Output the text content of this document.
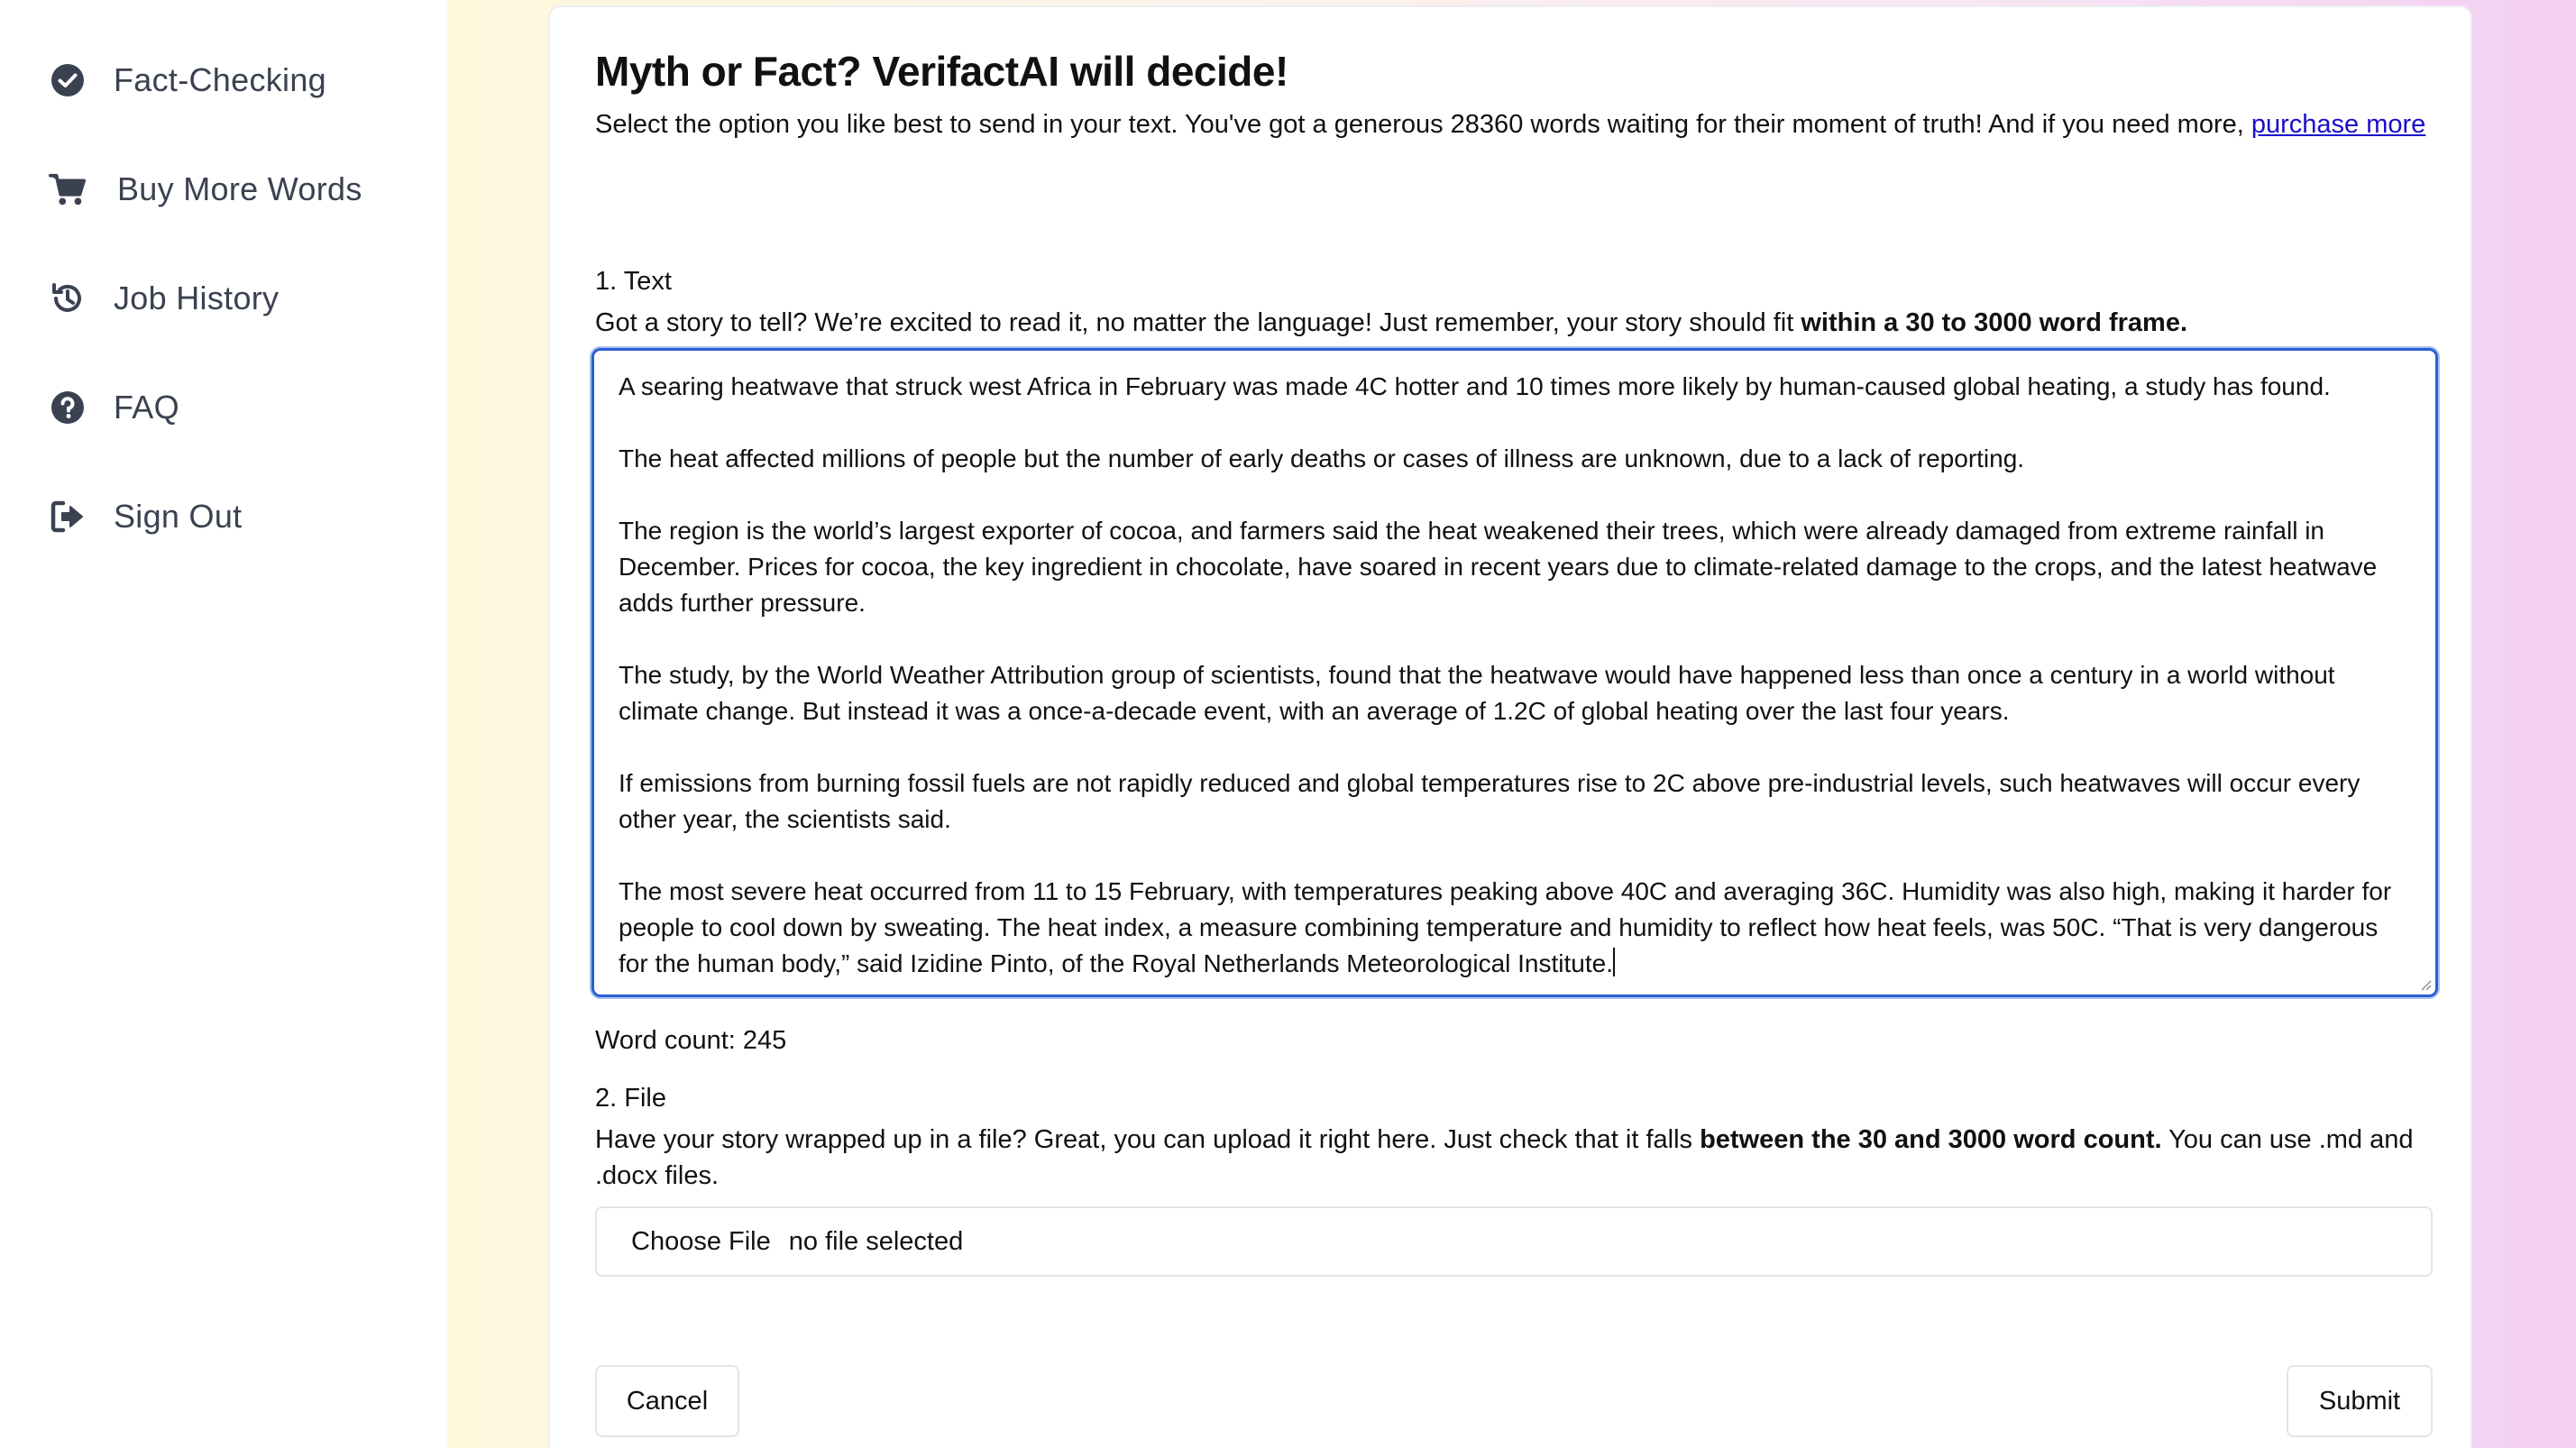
Fact-Checking
Buy More Words
Job History
FAQ
Sign Out
Myth or Fact? VerifactAI will decide!
Select the option you like best to send in your text. You've got a generous 28360 words waiting for their moment of truth! And if you need more, purchase more
1. Text
Got a story to tell? We’re excited to read it, no matter the language! Just remember, your story should fit within a 30 to 3000 word frame.

A searing heatwave that struck west Africa in February was made 4C hotter and 10 times more likely by human-caused global heating, a study has found.

The heat affected millions of people but the number of early deaths or cases of illness are unknown, due to a lack of reporting.

The region is the world’s largest exporter of cocoa, and farmers said the heat weakened their trees, which were already damaged from extreme rainfall in December. Prices for cocoa, the key ingredient in chocolate, have soared in recent years due to climate-related damage to the crops, and the latest heatwave adds further pressure.

The study, by the World Weather Attribution group of scientists, found that the heatwave would have happened less than once a century in a world without climate change. But instead it was a once-a-decade event, with an average of 1.2C of global heating over the last four years.

If emissions from burning fossil fuels are not rapidly reduced and global temperatures rise to 2C above pre-industrial levels, such heatwaves will occur every other year, the scientists said.

The most severe heat occurred from 11 to 15 February, with temperatures peaking above 40C and averaging 36C. Humidity was also high, making it harder for people to cool down by sweating. The heat index, a measure combining temperature and humidity to reflect how heat feels, was 50C. “That is very dangerous for the human body,” said Izidine Pinto, of the Royal Netherlands Meteorological Institute.

Word count: 245
2. File
Have your story wrapped up in a file? Great, you can upload it right here. Just check that it falls between the 30 and 3000 word count. You can use .md and .docx files.
Choose File no file selected
Cancel	Submit
